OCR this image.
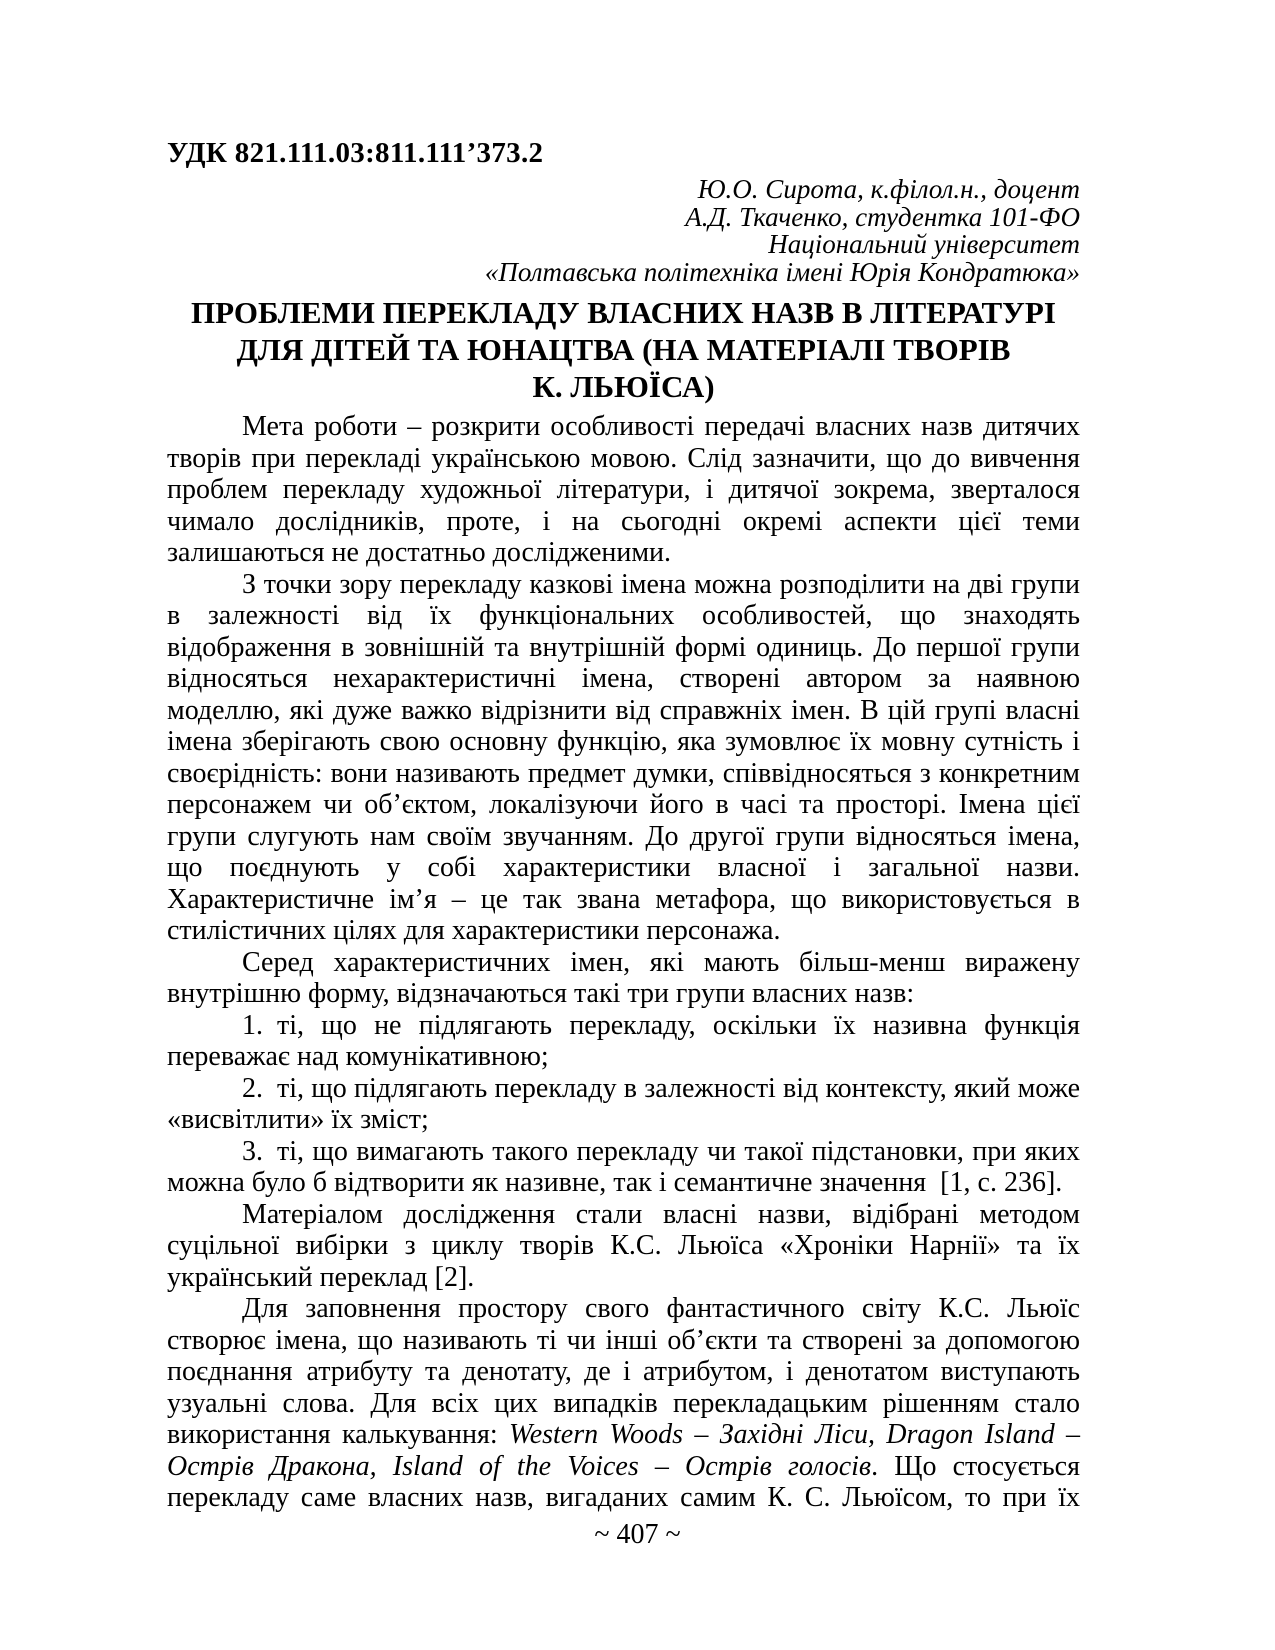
УДК 821.111.03:811.111’373.2
Ю.О. Сирота, к.філол.н., доцент
А.Д. Ткаченко, студентка 101-ФО
Національний університет
«Полтавська політехніка імені Юрія Кондратюка»
ПРОБЛЕМИ ПЕРЕКЛАДУ ВЛАСНИХ НАЗВ В ЛІТЕРАТУРІ
ДЛЯ ДІТЕЙ ТА ЮНАЦТВА (НА МАТЕРІАЛІ ТВОРІВ
К. ЛЬЮЇСА)

Мета роботи – розкрити особливості передачі власних назв дитячих творів при перекладі українською мовою. Слід зазначити, що до вивчення проблем перекладу художньої літератури, і дитячої зокрема, зверталося чимало дослідників, проте, і на сьогодні окремі аспекти цієї теми залишаються не достатньо дослідженими.

З точки зору перекладу казкові імена можна розподілити на дві групи в залежності від їх функціональних особливостей, що знаходять відображення в зовнішній та внутрішній формі одиниць. До першої групи відносяться нехарактеристичні імена, створені автором за наявною моделлю, які дуже важко відрізнити від справжніх імен. В цій групі власні імена зберігають свою основну функцію, яка зумовлює їх мовну сутність і своєрідність: вони називають предмет думки, співвідносяться з конкретним персонажем чи об’єктом, локалізуючи його в часі та просторі. Імена цієї групи слугують нам своїм звучанням. До другої групи відносяться імена, що поєднують у собі характеристики власної і загальної назви. Характеристичне ім’я – це так звана метафора, що використовується в стилістичних цілях для характеристики персонажа.

Серед характеристичних імен, які мають більш-менш виражену внутрішню форму, відзначаються такі три групи власних назв:

1. ті, що не підлягають перекладу, оскільки їх називна функція переважає над комунікативною;

2. ті, що підлягають перекладу в залежності від контексту, який може «висвітлити» їх зміст;

3. ті, що вимагають такого перекладу чи такої підстановки, при яких можна було б відтворити як називне, так і семантичне значення [1, с. 236].

Матеріалом дослідження стали власні назви, відібрані методом суцільної вибірки з циклу творів К.С. Льюїса «Хроніки Нарнії» та їх український переклад [2].

Для заповнення простору свого фантастичного світу К.С. Льюїс створює імена, що називають ті чи інші об’єкти та створені за допомогою поєднання атрибуту та денотату, де і атрибутом, і денотатом виступають узуальні слова. Для всіх цих випадків перекладацьким рішенням стало використання калькування: Western Woods – Західні Ліси, Dragon Island – Острів Дракона, Island of the Voices – Острів голосів. Що стосується перекладу саме власних назв, вигаданих самим К. С. Льюїсом, то при їх

~ 407 ~
